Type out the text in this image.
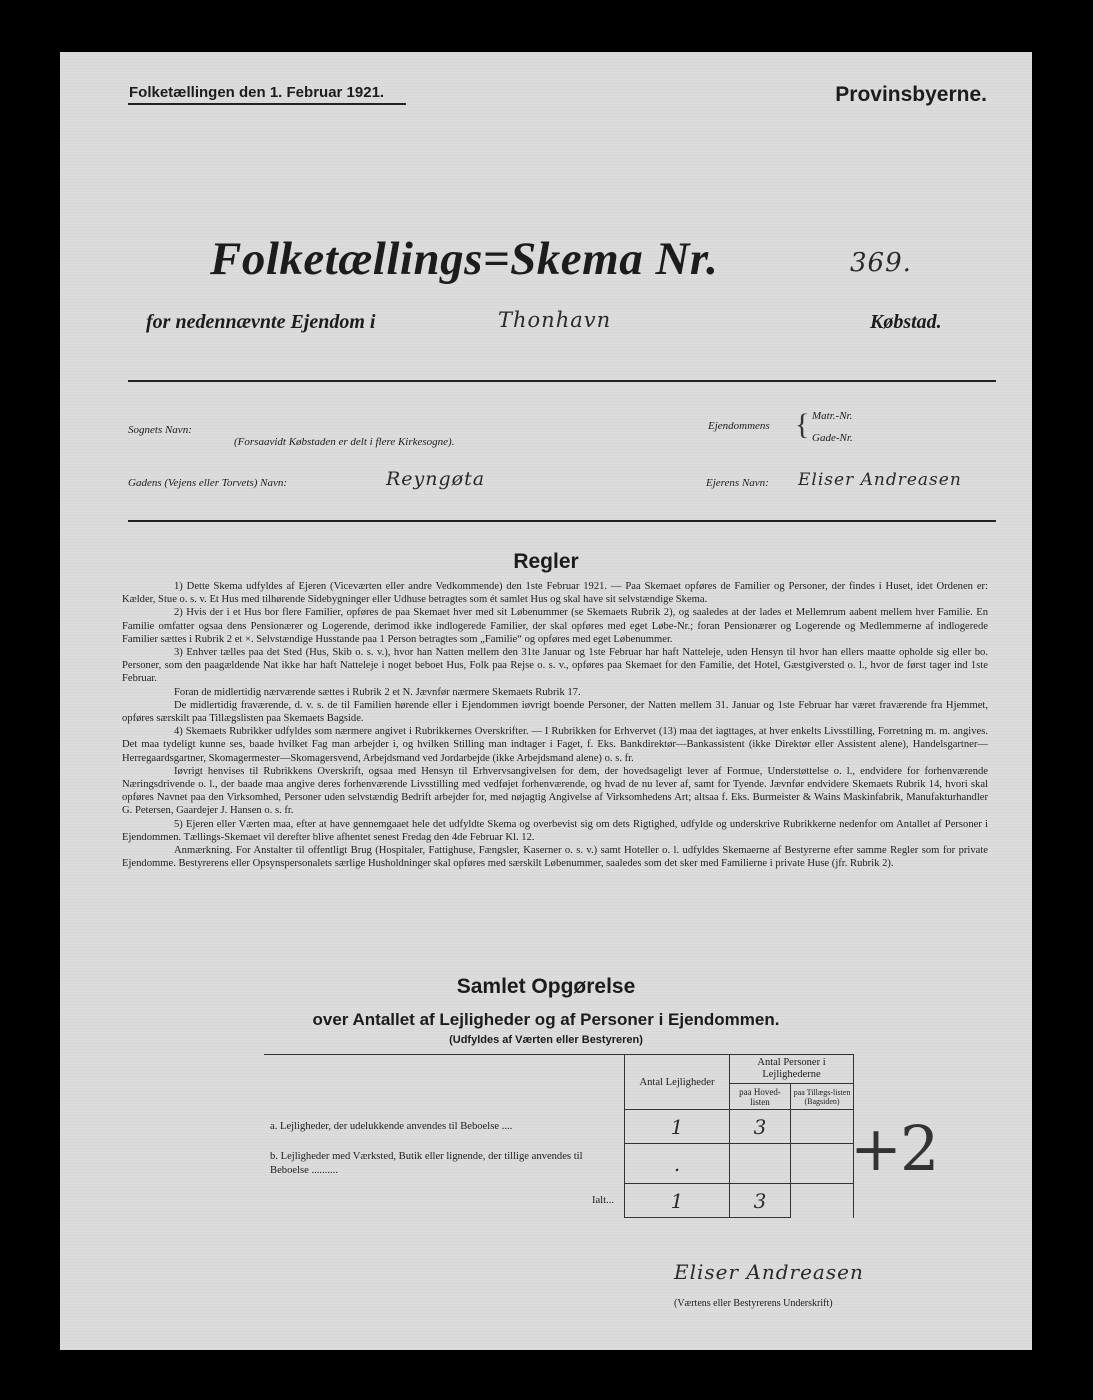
Folketællingen den 1. Februar 1921.	Provinsbyerne.
Folketællings=Skema Nr.	369.
for nedennævnte Ejendom i	Thonhavn	Købstad.
Sognets Navn:
(Forsaavidt Købstaden er delt i flere Kirkesogne).
Ejendommens { Matr.-Nr.
Gade-Nr.
Gadens (Vejens eller Torvets) Navn:	Reyngøta	Ejerens Navn: Eliser Andreasen
Regler

1) Dette Skema udfyldes af Ejeren (Viceværten eller andre Vedkommende) den 1ste Februar 1921. — Paa Skemaet opføres de Familier og Personer, der findes i Huset, idet Ordenen er: Kælder, Stue o. s. v. Et Hus med tilhørende Sidebygninger eller Udhuse betragtes som ét samlet Hus og skal have sit selvstændige Skema.

2) Hvis der i et Hus bor flere Familier, opføres de paa Skemaet hver med sit Løbenummer (se Skemaets Rubrik 2), og saaledes at der lades et Mellemrum aabent mellem hver Familie. En Familie omfatter ogsaa dens Pensionærer og Logerende, derimod ikke indlogerede Familier, der skal opføres med eget Løbe-Nr.; foran Pensionærer og Logerende og Medlemmerne af indlogerede Familier sættes i Rubrik 2 et ×. Selvstændige Husstande paa 1 Person betragtes som „Familie“ og opføres med eget Løbenummer.

3) Enhver tælles paa det Sted (Hus, Skib o. s. v.), hvor han Natten mellem den 31te Januar og 1ste Februar har haft Natteleje, uden Hensyn til hvor han ellers maatte opholde sig eller bo. Personer, som den paagældende Nat ikke har haft Natteleje i noget beboet Hus, Folk paa Rejse o. s. v., opføres paa Skemaet for den Familie, det Hotel, Gæstgiversted o. l., hvor de først tager ind 1ste Februar.

Foran de midlertidig nærværende sættes i Rubrik 2 et N. Jævnfør nærmere Skemaets Rubrik 17.

De midlertidig fraværende, d. v. s. de til Familien hørende eller i Ejendommen iøvrigt boende Personer, der Natten mellem 31. Januar og 1ste Februar har været fraværende fra Hjemmet, opføres særskilt paa Tillægslisten paa Skemaets Bagside.

4) Skemaets Rubrikker udfyldes som nærmere angivet i Rubrikkernes Overskrifter. — I Rubrikken for Erhvervet (13) maa det iagttages, at hver enkelts Livsstilling, Forretning m. m. angives. Det maa tydeligt kunne ses, baade hvilket Fag man arbejder i, og hvilken Stilling man indtager i Faget, f. Eks. Bankdirektør—Bankassistent (ikke Direktør eller Assistent alene), Handelsgartner—Herregaardsgartner, Skomagermester—Skomagersvend, Arbejdsmand ved Jordarbejde (ikke Arbejdsmand alene) o. s. fr.

Iøvrigt henvises til Rubrikkens Overskrift, ogsaa med Hensyn til Erhvervsangivelsen for dem, der hovedsageligt lever af Formue, Understøttelse o. l., endvidere for forhenværende Næringsdrivende o. l., der baade maa angive deres forhenværende Livsstilling med vedføjet forhenværende, og hvad de nu lever af, samt for Tyende. Jævnfør endvidere Skemaets Rubrik 14, hvori skal opføres Navnet paa den Virksomhed, Personer uden selvstændig Bedrift arbejder for, med nøjagtig Angivelse af Virksomhedens Art; altsaa f. Eks. Burmeister & Wains Maskinfabrik, Manufakturhandler G. Petersen, Gaardejer J. Hansen o. s. fr.

5) Ejeren eller Værten maa, efter at have gennemgaaet hele det udfyldte Skema og overbevist sig om dets Rigtighed, udfylde og underskrive Rubrikkerne nedenfor om Antallet af Personer i Ejendommen. Tællings-Skemaet vil derefter blive afhentet senest Fredag den 4de Februar Kl. 12.

Anmærkning. For Anstalter til offentligt Brug (Hospitaler, Fattighuse, Fængsler, Kaserner o. s. v.) samt Hoteller o. l. udfyldes Skemaerne af Bestyrerne efter samme Regler som for private Ejendomme. Bestyrerens eller Opsynspersonalets særlige Husholdninger skal opføres med særskilt Løbenummer, saaledes som det sker med Familierne i private Huse (jfr. Rubrik 2).

Samlet Opgørelse
over Antallet af Lejligheder og af Personer i Ejendommen.
(Udfyldes af Værten eller Bestyreren)
	Antal Lejligheder	Antal Personer i Lejlighederne	
		paa Hoved-listen	paa Tillægs-listen (Bagsiden)
a. Lejligheder, der udelukkende anvendes til Beboelse ....	1	3	
b. Lejligheder med Værksted, Butik eller lignende, der tillige anvendes til Beboelse ..........	.		
Ialt...	1	3	
+2
Eliser Andreasen
(Værtens eller Bestyrerens Underskrift)
